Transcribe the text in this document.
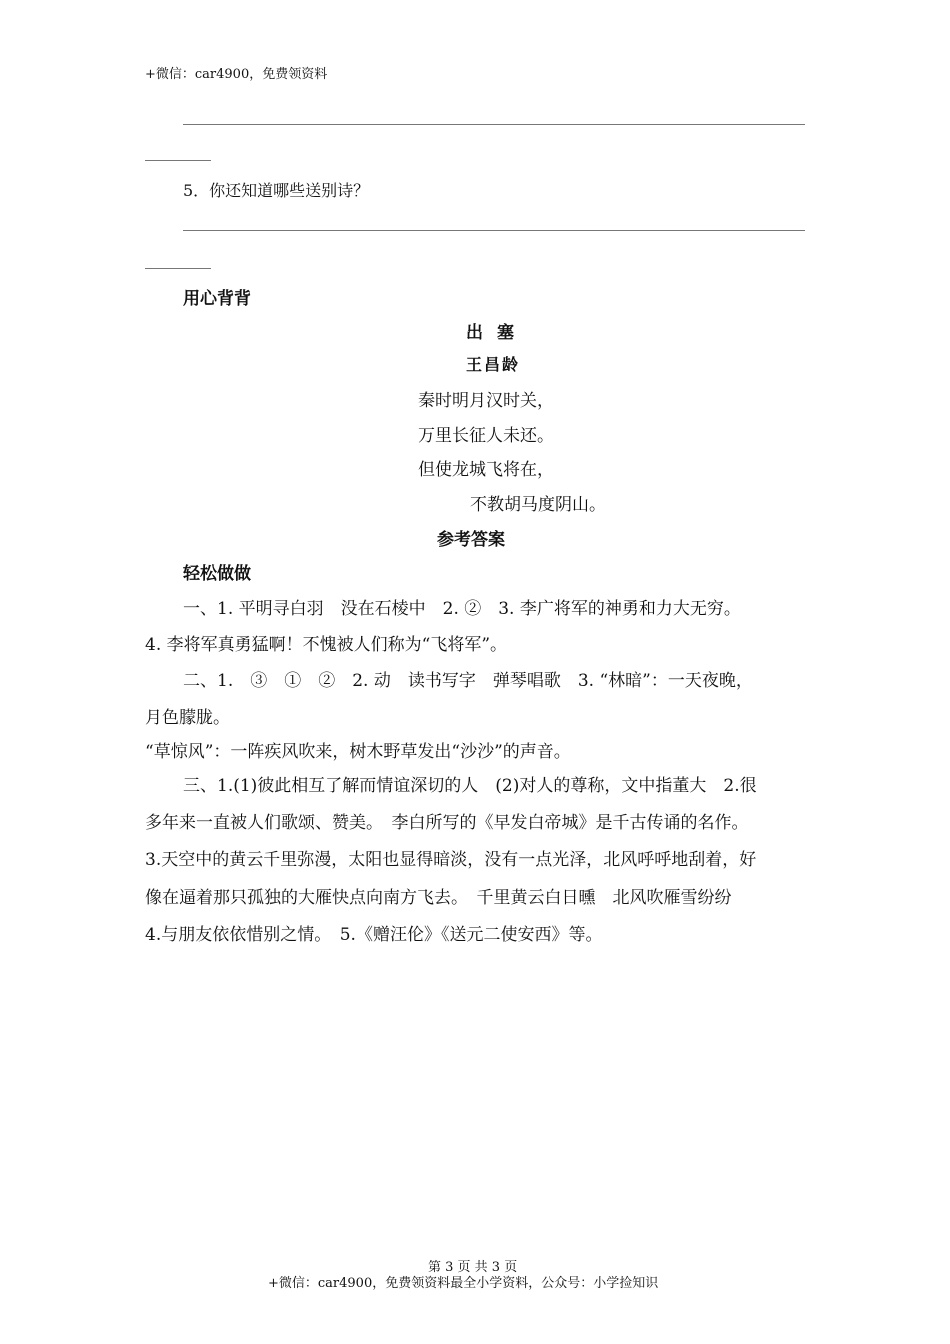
+微信：car4900，免费领资料
5．你还知道哪些送别诗？
用心背背
出塞
王昌龄
秦时明月汉时关，
万里长征人未还。
但使龙城飞将在，
不教胡马度阴山。
参考答案
轻松做做
一、1. 平明寻白羽　没在石棱中　2. ②　3. 李广将军的神勇和力大无穷。
4. 李将军真勇猛啊！不愧被人们称为“飞将军”。
二、1.　③　①　②　2. 动　读书写字　弹琴唱歌　3. “林暗”：一天夜晚，
月色朦胧。
“草惊风”：一阵疾风吹来，树木野草发出“沙沙”的声音。
三、1.(1)彼此相互了解而情谊深切的人　(2)对人的尊称，文中指董大　2.很
多年来一直被人们歌颂、赞美。　李白所写的《早发白帝城》是千古传诵的名作。
3.天空中的黄云千里弥漫，太阳也显得暗淡，没有一点光泽，北风呼呼地刮着，好
像在逼着那只孤独的大雁快点向南方飞去。　千里黄云白日曛　北风吹雁雪纷纷
4.与朋友依依惜别之情。　5.《赠汪伦》《送元二使安西》等。
第 3 页 共 3 页
+微信：car4900，免费领资料最全小学资料，公众号：小学捡知识
